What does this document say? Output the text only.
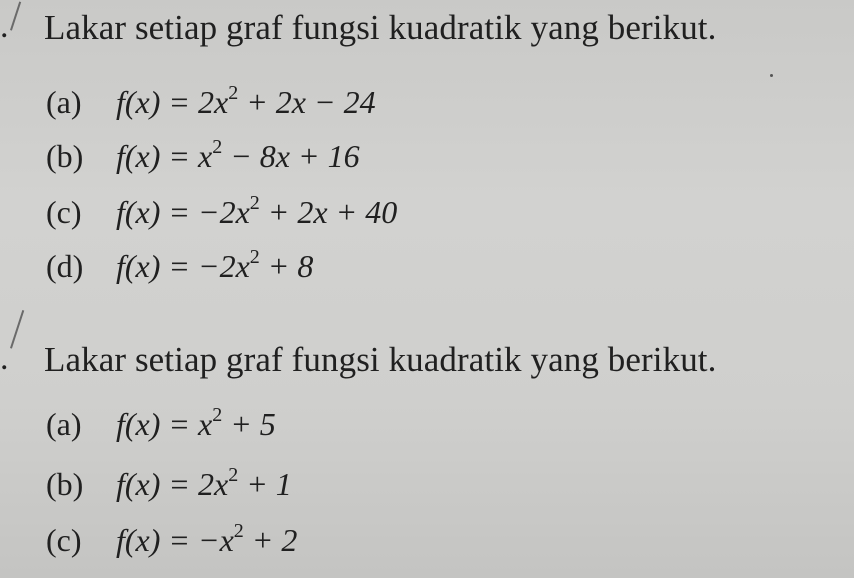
. Lakar setiap graf fungsi kuadratik yang berikut.
(a) $f(x) = 2x^2 + 2x - 24$
(b) $f(x) = x^2 - 8x + 16$
(c) $f(x) = -2x^2 + 2x + 40$
(d) $f(x) = -2x^2 + 8$
. Lakar setiap graf fungsi kuadratik yang berikut.
(a) $f(x) = x^2 + 5$
(b) $f(x) = 2x^2 + 1$
(c) $f(x) = -x^2 + 2$
